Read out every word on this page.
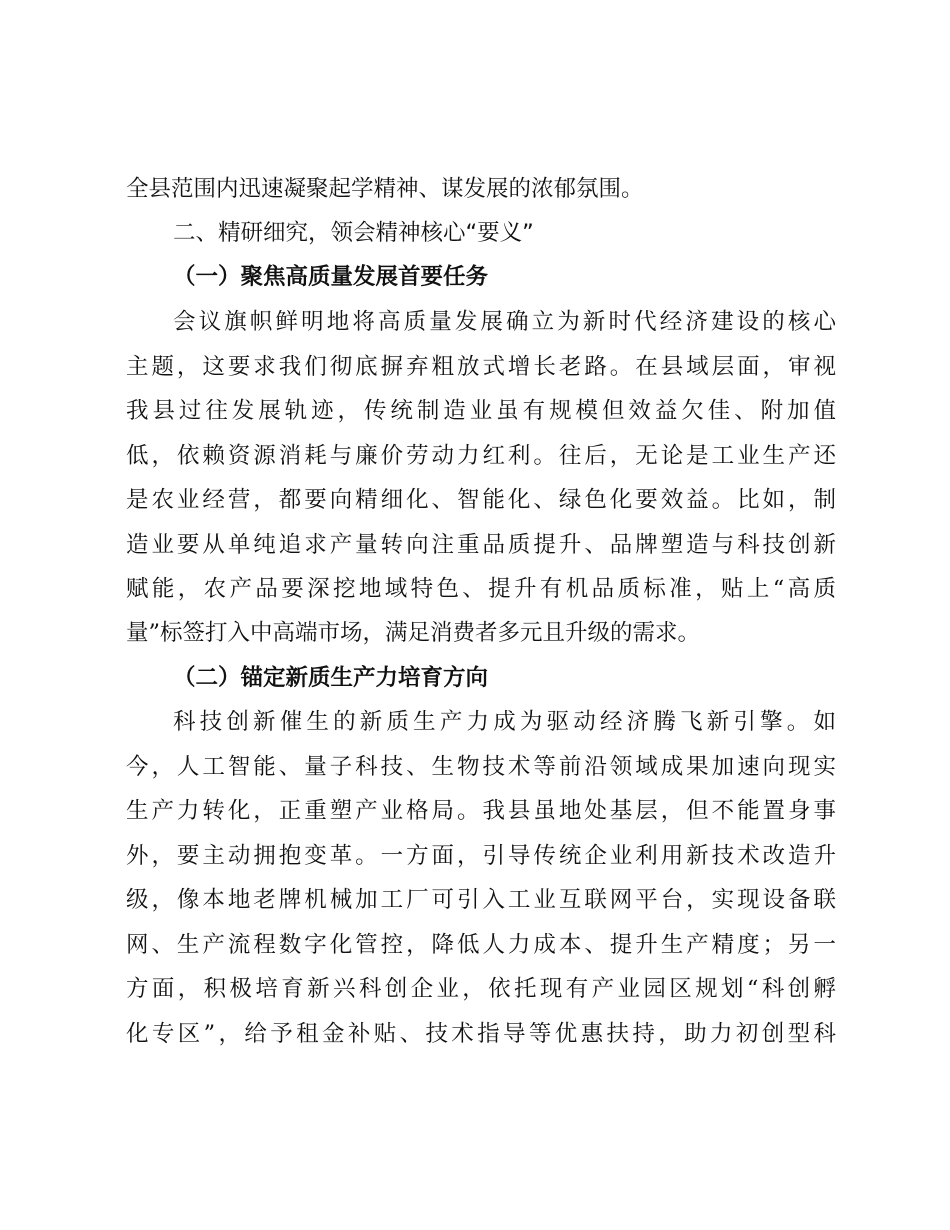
全县范围内迅速凝聚起学精神、谋发展的浓郁氛围。
二、精研细究，领会精神核心“要义”
（一）聚焦高质量发展首要任务
会议旗帜鲜明地将高质量发展确立为新时代经济建设的核心
主题，这要求我们彻底摒弃粗放式增长老路。在县域层面，审视
我县过往发展轨迹，传统制造业虽有规模但效益欠佳、附加值
低，依赖资源消耗与廉价劳动力红利。往后，无论是工业生产还
是农业经营，都要向精细化、智能化、绿色化要效益。比如，制
造业要从单纯追求产量转向注重品质提升、品牌塑造与科技创新
赋能，农产品要深挖地域特色、提升有机品质标准，贴上“高质
量”标签打入中高端市场，满足消费者多元且升级的需求。
（二）锚定新质生产力培育方向
科技创新催生的新质生产力成为驱动经济腾飞新引擎。如
今，人工智能、量子科技、生物技术等前沿领域成果加速向现实
生产力转化，正重塑产业格局。我县虽地处基层，但不能置身事
外，要主动拥抱变革。一方面，引导传统企业利用新技术改造升
级，像本地老牌机械加工厂可引入工业互联网平台，实现设备联
网、生产流程数字化管控，降低人力成本、提升生产精度；另一
方面，积极培育新兴科创企业，依托现有产业园区规划“科创孵
化专区”，给予租金补贴、技术指导等优惠扶持，助力初创型科
